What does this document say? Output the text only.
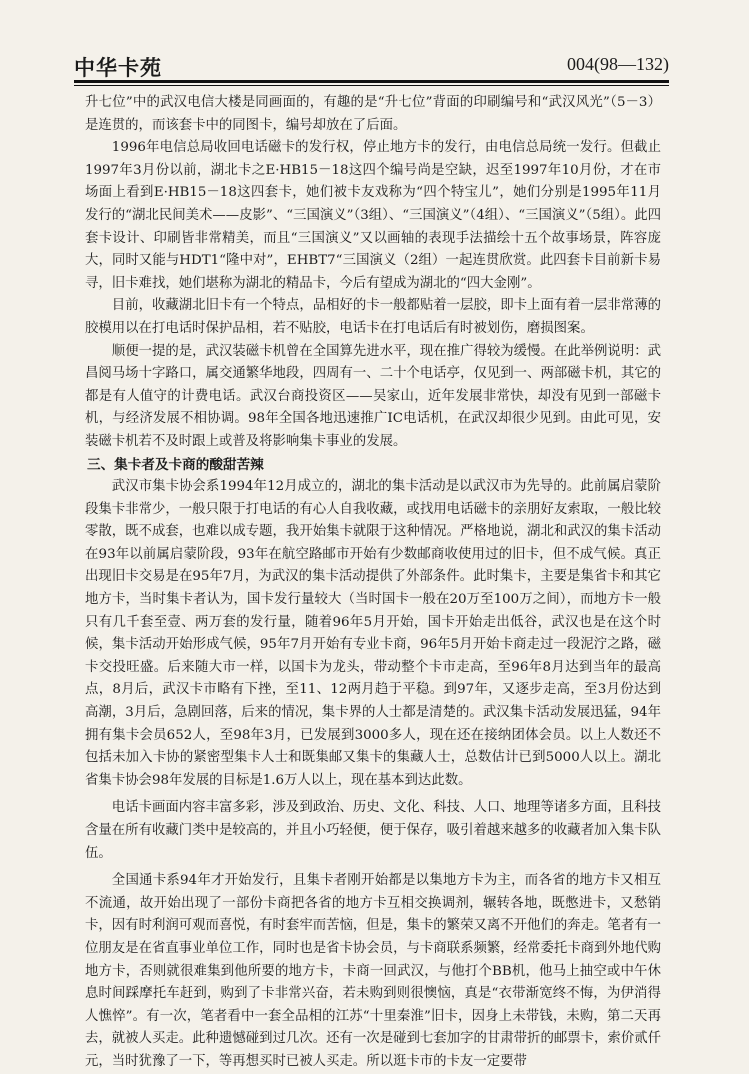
中华卡苑	004(98—132)

升七位”中的武汉电信大楼是同画面的，有趣的是“升七位”背面的印刷编号和“武汉风光”（5－3）是连贯的，而该套卡中的同图卡，编号却放在了后面。

1996年电信总局收回电话磁卡的发行权，停止地方卡的发行，由电信总局统一发行。但截止1997年3月份以前，湖北卡之E·HB15－18这四个编号尚是空缺，迟至1997年10月份，才在市场面上看到E·HB15－18这四套卡，她们被卡友戏称为“四个特宝儿”，她们分别是1995年11月发行的“湖北民间美术——皮影”、“三国演义”（3组）、“三国演义”（4组）、“三国演义”（5组）。此四套卡设计、印刷皆非常精美，而且“三国演义”又以画轴的表现手法描绘十五个故事场景，阵容庞大，同时又能与HDT1“隆中对”，EHBT7“三国演义（2组）一起连贯欣赏。此四套卡目前新卡易寻，旧卡难找，她们堪称为湖北的精品卡，今后有望成为湖北的“四大金刚”。

目前，收藏湖北旧卡有一个特点，品相好的卡一般都贴着一层胶，即卡上面有着一层非常薄的胶模用以在打电话时保护品相，若不贴胶，电话卡在打电话后有时被划伤，磨损图案。

顺便一提的是，武汉装磁卡机曾在全国算先进水平，现在推广得较为缓慢。在此举例说明：武昌阅马场十字路口，属交通繁华地段，四周有一、二十个电话亭，仅见到一、两部磁卡机，其它的都是有人值守的计费电话。武汉台商投资区——吴家山，近年发展非常快，却没有见到一部磁卡机，与经济发展不相协调。98年全国各地迅速推广IC电话机，在武汉却很少见到。由此可见，安装磁卡机若不及时跟上或普及将影响集卡事业的发展。

三、集卡者及卡商的酸甜苦辣

武汉市集卡协会系1994年12月成立的，湖北的集卡活动是以武汉市为先导的。此前属启蒙阶段集卡非常少，一般只限于打电话的有心人自我收藏，或找用电话磁卡的亲朋好友索取，一般比较零散，既不成套，也难以成专题，我开始集卡就限于这种情况。严格地说，湖北和武汉的集卡活动在93年以前属启蒙阶段，93年在航空路邮市开始有少数邮商收使用过的旧卡，但不成气候。真正出现旧卡交易是在95年7月，为武汉的集卡活动提供了外部条件。此时集卡，主要是集省卡和其它地方卡，当时集卡者认为，国卡发行量较大（当时国卡一般在20万至100万之间），而地方卡一般只有几千套至壹、两万套的发行量，随着96年5月开始，国卡开始走出低谷，武汉也是在这个时候，集卡活动开始形成气候，95年7月开始有专业卡商，96年5月开始卡商走过一段泥泞之路，磁卡交投旺盛。后来随大市一样，以国卡为龙头，带动整个卡市走高，至96年8月达到当年的最高点，8月后，武汉卡市略有下挫，至11、12两月趋于平稳。到97年，又逐步走高，至3月份达到高潮，3月后，急剧回落，后来的情况，集卡界的人士都是清楚的。武汉集卡活动发展迅猛，94年拥有集卡会员652人，至98年3月，已发展到3000多人，现在还在接纳团体会员。以上人数还不包括未加入卡协的紧密型集卡人士和既集邮又集卡的集藏人士，总数估计已到5000人以上。湖北省集卡协会98年发展的目标是1.6万人以上，现在基本到达此数。

电话卡画面内容丰富多彩，涉及到政治、历史、文化、科技、人口、地理等诸多方面，且科技含量在所有收藏门类中是较高的，并且小巧轻便，便于保存，吸引着越来越多的收藏者加入集卡队伍。

全国通卡系94年才开始发行，且集卡者刚开始都是以集地方卡为主，而各省的地方卡又相互不流通，故开始出现了一部份卡商把各省的地方卡互相交换调剂，辗转各地，既憋进卡，又愁销卡，因有时利润可观而喜悦，有时套牢而苦恼，但是，集卡的繁荣又离不开他们的奔走。笔者有一位朋友是在省直事业单位工作，同时也是省卡协会员，与卡商联系频繁，经常委托卡商到外地代购地方卡，否则就很难集到他所要的地方卡，卡商一回武汉，与他打个BB机，他马上抽空或中午休息时间踩摩托车赶到，购到了卡非常兴奋，若未购到则很懊恼，真是“衣带渐宽终不悔，为伊消得人憔悴”。有一次，笔者看中一套全品相的江苏“十里秦淮”旧卡，因身上未带钱，未购，第二天再去，就被人买走。此种遗憾碰到过几次。还有一次是碰到七套加字的甘肃带折的邮票卡，索价贰仟元，当时犹豫了一下，等再想买时已被人买走。所以逛卡市的卡友一定要带
